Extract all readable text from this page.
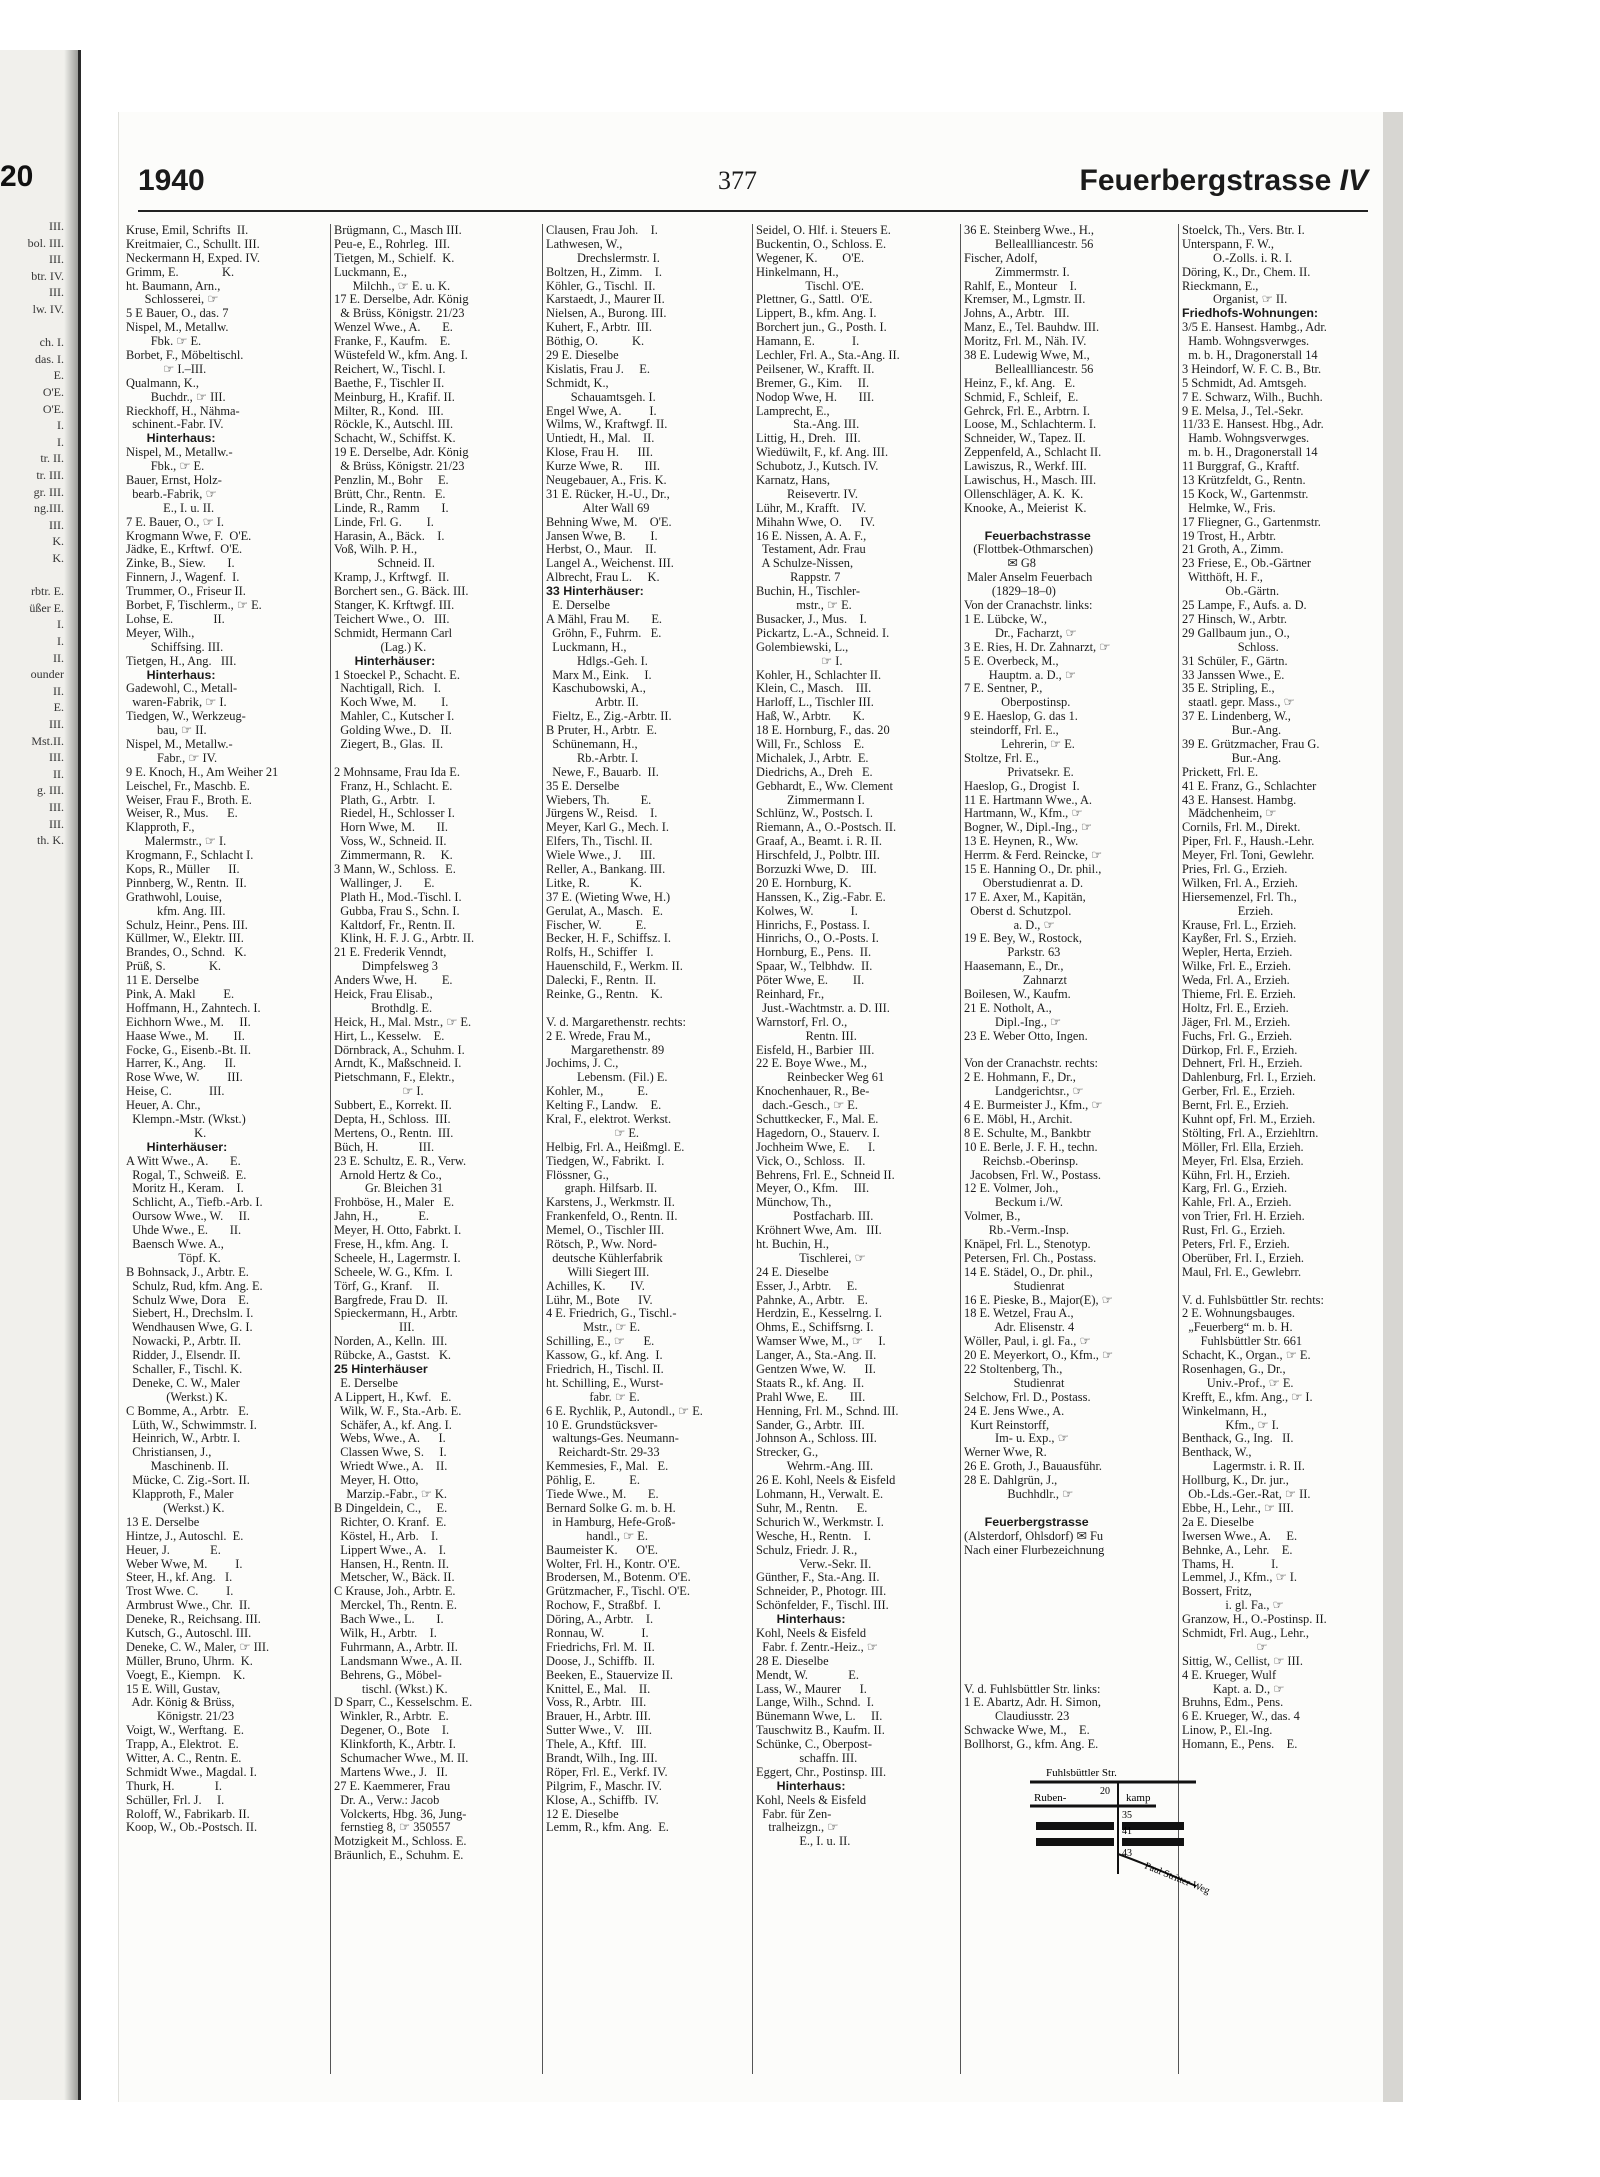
20
III.
bol. III.
III.
btr. IV.
III.
lw. IV.
ch. I.
das. I.
E.
O'E.
O'E.
I.
I.
tr. II.
tr. III.
gr. III.
ng.III.
III.
K.
K.
rbtr. E.
üßer E.
I.
I.
II.
ounder
II.
E.
III.
Mst.II.
III.
II.
g. III.
III.
III.
th. K.
1940	377	Feuerbergstrasse IV
Kruse, Emil, Schrifts  II.
Kreitmaier, C., Schullt. III.
Neckermann H, Exped. IV.
Grimm, E.              K.
ht. Baumann, Arn.,
Schlosserei, ☞
5 E Bauer, O., das. 7
Nispel, M., Metallw.
Fbk. ☞ E.
Borbet, F., Möbeltischl.
☞ I.–III.
Qualmann, K.,
Buchdr., ☞ III.
Rieckhoff, H., Nähma-
schinent.-Fabr. IV.
Hinterhaus:
Nispel, M., Metallw.-
Fbk., ☞ E.
Bauer, Ernst, Holz-
bearb.-Fabrik, ☞
E., I. u. II.
7 E. Bauer, O., ☞ I.
Krogmann Wwe, F.  O'E.
Jädke, E., Krftwf.  O'E.
Zinke, B., Siew.       I.
Finnern, J., Wagenf.  I.
Trummer, O., Friseur II.
Borbet, F, Tischlerm., ☞ E.
Lohse, E.             II.
Meyer, Wilh.,
Schiffsing. III.
Tietgen, H., Ang.   III.
Hinterhaus:
Gadewohl, C., Metall-
waren-Fabrik, ☞ I.
Tiedgen, W., Werkzeug-
bau, ☞ II.
Nispel, M., Metallw.-
Fabr., ☞ IV.
9 E. Knoch, H., Am Weiher 21
Leischel, Fr., Maschb. E.
Weiser, Frau F., Broth. E.
Weiser, R., Mus.      E.
Klapproth, F.,
Malermstr., ☞ I.
Krogmann, F., Schlacht I.
Kops, R., Müller      II.
Pinnberg, W., Rentn.  II.
Grathwohl, Louise,
kfm. Ang. III.
Schulz, Heinr., Pens. III.
Küllmer, W., Elektr. III.
Brandes, O., Schnd.   K.
Prüß, S.              K.
11 E. Derselbe
Pink, A. Makl         E.
Hoffmann, H., Zahntech. I.
Eichhorn Wwe., M.     II.
Haase Wwe., M.        II.
Focke, G., Eisenb.-Bt. II.
Harrer, K., Ang.      II.
Rose Wwe, W.         III.
Heise, C.            III.
Heuer, A. Chr.,
Klempn.-Mstr. (Wkst.)
K.
Hinterhäuser:
A Witt Wwe., A.       E.
Rogal, T., Schweiß.  E.
Moritz H., Keram.    I.
Schlicht, A., Tiefb.-Arb. I.
Oursow Wwe., W.     II.
Uhde Wwe., E.       II.
Baensch Wwe. A.,
Töpf. K.
B Bohnsack, J., Arbtr. E.
Schulz, Rud, kfm. Ang. E.
Schulz Wwe, Dora    E.
Siebert, H., Drechslm. I.
Wendhausen Wwe, G. I.
Nowacki, P., Arbtr. II.
Ridder, J., Elsendr. II.
Schaller, F., Tischl. K.
Deneke, C. W., Maler
(Werkst.) K.
C Bomme, A., Arbtr.   E.
Lüth, W., Schwimmstr. I.
Heinrich, W., Arbtr. I.
Christiansen, J.,
Maschinenb. II.
Mücke, C. Zig.-Sort. II.
Klapproth, F., Maler
(Werkst.) K.
13 E. Derselbe
Hintze, J., Autoschl.  E.
Heuer, J.             E.
Weber Wwe, M.         I.
Steer, H., kf. Ang.   I.
Trost Wwe. C.         I.
Armbrust Wwe., Chr.  II.
Deneke, R., Reichsang. III.
Kutsch, G., Autoschl. III.
Deneke, C. W., Maler, ☞ III.
Müller, Bruno, Uhrm.  K.
Voegt, E., Kiempn.    K.
15 E. Will, Gustav,
Adr. König & Brüss,
Königstr. 21/23
Voigt, W., Werftang.  E.
Trapp, A., Elektrot.  E.
Witter, A. C., Rentn. E.
Schmidt Wwe., Magdal. I.
Thurk, H.             I.
Schüller, Frl. J.     I.
Roloff, W., Fabrikarb. II.
Koop, W., Ob.-Postsch. II.
Brügmann, C., Masch III.
Peu-e, E., Rohrleg.  III.
Tietgen, M., Schielf.  K.
Luckmann, E.,
Milchh., ☞ E. u. K.
17 E. Derselbe, Adr. König
& Brüss, Königstr. 21/23
Wenzel Wwe., A.       E.
Franke, F., Kaufm.    E.
Wüstefeld W., kfm. Ang. I.
Reichert, W., Tischl. I.
Baethe, F., Tischler II.
Meinburg, H., Krafif. II.
Milter, R., Kond.   III.
Röckle, K., Autschl. III.
Schacht, W., Schiffst. K.
19 E. Derselbe, Adr. König
& Brüss, Königstr. 21/23
Penzlin, M., Bohr     E.
Brütt, Chr., Rentn.   E.
Linde, R., Ramm       I.
Linde, Frl. G.        I.
Harasin, A., Bäck.    I.
Voß, Wilh. P. H.,
Schneid. II.
Kramp, J., Krftwgf.  II.
Borchert sen., G. Bäck. III.
Stanger, K. Krftwgf. III.
Teichert Wwe., O.   III.
Schmidt, Hermann Carl
(Lag.) K.
Hinterhäuser:
1 Stoeckel P., Schacht. E.
Nachtigall, Rich.   I.
Koch Wwe, M.        I.
Mahler, C., Kutscher I.
Golding Wwe., D.   II.
Ziegert, B., Glas.  II.
2 Mohnsame, Frau Ida E.
Franz, H., Schlacht. E.
Plath, G., Arbtr.   I.
Riedel, H., Schlosser I.
Horn Wwe, M.       II.
Voss, W., Schneid. II.
Zimmermann, R.     K.
3 Mann, W., Schloss.  E.
Wallinger, J.       E.
Plath H., Mod.-Tischl. I.
Gubba, Frau S., Schn. I.
Kaltdorf, Fr., Rentn. II.
Klink, H. F. J. G., Arbtr. II.
21 E. Frederik Venndt,
Dimpfelsweg 3
Anders Wwe, H.        E.
Heick, Frau Elisab.,
Brothdlg. E.
Heick, H., Mal. Mstr., ☞ E.
Hirt, L., Kesselw.    E.
Dörnbrack, A., Schuhm. I.
Arndt, K., Maßschneid. I.
Pietschmann, F., Elektr.,
☞ I.
Subbert, E., Korrekt. II.
Depta, H., Schloss.  III.
Mertens, O., Rentn.  III.
Büch, H.             III.
23 E. Schultz, E. R., Verw.
Arnold Hertz & Co.,
Gr. Bleichen 31
Frohböse, H., Maler   E.
Jahn, H.,             E.
Meyer, H. Otto, Fabrkt. I.
Frese, H., kfm. Ang.  I.
Scheele, H., Lagermstr. I.
Scheele, W. G., Kfm.  I.
Törf, G., Kranf.     II.
Bargfrede, Frau D.   II.
Spieckermann, H., Arbtr.
III.
Norden, A., Kelln.  III.
Rübcke, A., Gastst.   K.
25 Hinterhäuser
E. Derselbe
A Lippert, H., Kwf.   E.
Wilk, W. F., Sta.-Arb. E.
Schäfer, A., kf. Ang. I.
Webs, Wwe., A.      I.
Classen Wwe, S.     I.
Wriedt Wwe., A.    II.
Meyer, H. Otto,
Marzip.-Fabr., ☞ K.
B Dingeldein, C.,     E.
Richter, O. Kranf.  E.
Köstel, H., Arb.    I.
Lippert Wwe., A.    I.
Hansen, H., Rentn. II.
Metscher, W., Bäck. II.
C Krause, Joh., Arbtr. E.
Merckel, Th., Rentn. E.
Bach Wwe., L.       I.
Wilk, H., Arbtr.    I.
Fuhrmann, A., Arbtr. II.
Landsmann Wwe., A. II.
Behrens, G., Möbel-
tischl. (Wkst.) K.
D Sparr, C., Kesselschm. E.
Winkler, R., Arbtr.  E.
Degener, O., Bote    I.
Klinkforth, K., Arbtr. I.
Schumacher Wwe., M. II.
Martens Wwe., J.   II.
27 E. Kaemmerer, Frau
Dr. A., Verw.: Jacob
Volckerts, Hbg. 36, Jung-
fernstieg 8, ☞ 350557
Motzigkeit M., Schloss. E.
Bräunlich, E., Schuhm. E.
Clausen, Frau Joh.    I.
Lathwesen, W.,
Drechslermstr. I.
Boltzen, H., Zimm.    I.
Köhler, G., Tischl.  II.
Karstaedt, J., Maurer II.
Nielsen, A., Burong. III.
Kuhert, F., Arbtr.  III.
Böthig, O.           K.
29 E. Dieselbe
Kislatis, Frau J.     E.
Schmidt, K.,
Schauamtsgeh. I.
Engel Wwe, A.         I.
Wilms, W., Kraftwgf. II.
Untiedt, H., Mal.    II.
Klose, Frau H.      III.
Kurze Wwe, R.       III.
Neugebauer, A., Fris. K.
31 E. Rücker, H.-U., Dr.,
Alter Wall 69
Behning Wwe, M.    O'E.
Jansen Wwe, B.        I.
Herbst, O., Maur.    II.
Langel A., Weichenst. III.
Albrecht, Frau L.     K.
33 Hinterhäuser:
E. Derselbe
A Mähl, Frau M.       E.
Gröhn, F., Fuhrm.   E.
Luckmann, H.,
Hdlgs.-Geh. I.
Marx M., Eink.     I.
Kaschubowski, A.,
Arbtr. II.
Fieltz, E., Zig.-Arbtr. II.
B Pruter, H., Arbtr.  E.
Schünemann, H.,
Rb.-Arbtr. I.
Newe, F., Bauarb.  II.
35 E. Derselbe
Wiebers, Th.          E.
Jürgens W., Reisd.    I.
Meyer, Karl G., Mech. I.
Elfers, Th., Tischl. II.
Wiele Wwe., J.      III.
Reller, A., Bankang. III.
Litke, R.             K.
37 E. (Wieting Wwe, H.)
Gerulat, A., Masch.   E.
Fischer, W.           E.
Becker, H. F., Schiffsz. I.
Rolfs, H., Schiffer   I.
Hauenschild, F., Werkm. II.
Dalecki, F., Rentn.  II.
Reinke, G., Rentn.    K.
V. d. Margarethenstr. rechts:
2 E. Wrede, Frau M.,
Margarethenstr. 89
Jochims, J. C.,
Lebensm. (Fil.) E.
Kohler, M.,           E.
Kelting F., Landw.    E.
Kral, F., elektrot. Werkst.
☞ E.
Helbig, Frl. A., Heißmgl. E.
Tiedgen, W., Fabrikt.  I.
Flössner, G.,
graph. Hilfsarb. II.
Karstens, J., Werkmstr. II.
Frankenfeld, O., Rentn. II.
Memel, O., Tischler III.
Rötsch, P., Ww. Nord-
deutsche Kühlerfabrik
Willi Siegert III.
Achilles, K.        IV.
Lühr, M., Bote      IV.
4 E. Friedrich, G., Tischl.-
Mstr., ☞ E.
Schilling, E., ☞      E.
Kassow, G., kf. Ang.  I.
Friedrich, H., Tischl. II.
ht. Schilling, E., Wurst-
fabr. ☞ E.
6 E. Rychlik, P., Autondl., ☞ E.
10 E. Grundstücksver-
waltungs-Ges. Neumann-
Reichardt-Str. 29-33
Kemmesies, F., Mal.   E.
Pöhlig, E.           E.
Tiede Wwe., M.       E.
Bernard Solke G. m. b. H.
in Hamburg, Hefe-Groß-
handl., ☞ E.
Baumeister K.      O'E.
Wolter, Frl. H., Kontr. O'E.
Brodersen, M., Botenm. O'E.
Grützmacher, F., Tischl. O'E.
Rochow, F., Straßbf.  I.
Döring, A., Arbtr.    I.
Ronnau, W.            I.
Friedrichs, Frl. M.  II.
Doose, J., Schiffb.  II.
Beeken, E., Stauervize II.
Knittel, E., Mal.    II.
Voss, R., Arbtr.   III.
Brauer, H., Arbtr. III.
Sutter Wwe., V.    III.
Thele, A., Kftf.   III.
Brandt, Wilh., Ing. III.
Röper, Frl. E., Verkf. IV.
Pilgrim, F., Maschr. IV.
Klose, A., Schiffb.  IV.
12 E. Dieselbe
Lemm, R., kfm. Ang.  E.
Seidel, O. Hlf. i. Steuers E.
Buckentin, O., Schloss. E.
Wegener, K.        O'E.
Hinkelmann, H.,
Tischl. O'E.
Plettner, G., Sattl.  O'E.
Lippert, B., kfm. Ang. I.
Borchert jun., G., Posth. I.
Hamann, E.            I.
Lechler, Frl. A., Sta.-Ang. II.
Peilsener, W., Krafft. II.
Bremer, G., Kim.     II.
Nodop Wwe, H.       III.
Lamprecht, E.,
Sta.-Ang. III.
Littig, H., Dreh.   III.
Wiedüwilt, F., kf. Ang. III.
Schubotz, J., Kutsch. IV.
Karnatz, Hans,
Reisevertr. IV.
Lühr, M., Krafft.    IV.
Mihahn Wwe, O.      IV.
16 E. Nissen, A. A. F.,
Testament, Adr. Frau
A Schulze-Nissen,
Rappstr. 7
Buchin, H., Tischler-
mstr., ☞ E.
Busacker, J., Mus.    I.
Pickartz, L.-A., Schneid. I.
Golembiewski, L.,
☞ I.
Kohler, H., Schlachter II.
Klein, C., Masch.    III.
Harloff, L., Tischler III.
Haß, W., Arbtr.       K.
18 E. Hornburg, F., das. 20
Will, Fr., Schloss    E.
Michalek, J., Arbtr.  E.
Diedrichs, A., Dreh   E.
Gebhardt, E., Ww. Clement
Zimmermann I.
Schlünz, W., Postsch. I.
Riemann, A., O.-Postsch. II.
Graaf, A., Beamt. i. R. II.
Hirschfeld, J., Polbtr. III.
Borzuzki Wwe, D.    III.
20 E. Hornburg, K.
Hanssen, K., Zig.-Fabr. E.
Kolwes, W.            I.
Hinrichs, F., Postass. I.
Hinrichs, O., O.-Posts. I.
Hornburg, E., Pens.  II.
Spaar, W., Telbhdw.  II.
Pöter Wwe, E.        II.
Reinhard, Fr.,
Just.-Wachtmstr. a. D. III.
Warnstorf, Frl. O.,
Rentn. III.
Eisfeld, H., Barbier  III.
22 E. Boye Wwe., M.,
Reinbecker Weg 61
Knochenhauer, R., Be-
dach.-Gesch., ☞ E.
Schuttkecker, F., Mal. E.
Hagedorn, O., Stauerv. I.
Jochheim Wwe, E.      I.
Vick, O., Schloss.   II.
Behrens, Frl. E., Schneid II.
Meyer, O., Kfm.     III.
Münchow, Th.,
Postfacharb. III.
Kröhnert Wwe, Am.   III.
ht. Buchin, H.,
Tischlerei, ☞
24 E. Dieselbe
Esser, J., Arbtr.     E.
Pahnke, A., Arbtr.    E.
Herdzin, E., Kesselrng. I.
Ohms, E., Schiffsrng. I.
Wamser Wwe, M., ☞     I.
Langer, A., Sta.-Ang. II.
Gentzen Wwe, W.      II.
Staats R., kf. Ang.  II.
Prahl Wwe, E.       III.
Henning, Frl. M., Schnd. III.
Sander, G., Arbtr.  III.
Johnson A., Schloss. III.
Strecker, G.,
Wehrm.-Ang. III.
26 E. Kohl, Neels & Eisfeld
Lohmann, H., Verwalt. E.
Suhr, M., Rentn.      E.
Schurich W., Werkmstr. I.
Wesche, H., Rentn.    I.
Schulz, Friedr. J. R.,
Verw.-Sekr. II.
Günther, F., Sta.-Ang. II.
Schneider, P., Photogr. III.
Schönfelder, F., Tischl. III.
Hinterhaus:
Kohl, Neels & Eisfeld
Fabr. f. Zentr.-Heiz., ☞
28 E. Dieselbe
Mendt, W.             E.
Lass, W., Maurer      I.
Lange, Wilh., Schnd.  I.
Bünemann Wwe, L.     II.
Tauschwitz B., Kaufm. II.
Schünke, C., Oberpost-
schaffn. III.
Eggert, Chr., Postinsp. III.
Hinterhaus:
Kohl, Neels & Eisfeld
Fabr. für Zen-
tralheizgn., ☞
E., I. u. II.
36 E. Steinberg Wwe., H.,
Belleallliancestr. 56
Fischer, Adolf,
Zimmermstr. I.
Rahlf, E., Monteur    I.
Kremser, M., Lgmstr. II.
Johns, A., Arbtr.   III.
Manz, E., Tel. Bauhdw. III.
Moritz, Frl. M., Näh. IV.
38 E. Ludewig Wwe, M.,
Belleallliancestr. 56
Heinz, F., kf. Ang.   E.
Schmid, F., Schleif,  E.
Gehrck, Frl. E., Arbtrn. I.
Loose, M., Schlachterm. I.
Schneider, W., Tapez. II.
Zeppenfeld, A., Schlacht II.
Lawiszus, R., Werkf. III.
Lawischus, H., Masch. III.
Ollenschläger, A. K.  K.
Knooke, A., Meierist  K.
Feuerbachstrasse
(Flottbek-Othmarschen)
✉ G8
Maler Anselm Feuerbach
(1829–18–0)
Von der Cranachstr. links:
1 E. Lübcke, W.,
Dr., Facharzt, ☞
3 E. Ries, H. Dr. Zahnarzt, ☞
5 E. Overbeck, M.,
Hauptm. a. D., ☞
7 E. Sentner, P.,
Oberpostinsp.
9 E. Haeslop, G. das 1.
steindorff, Frl. E.,
Lehrerin, ☞ E.
Stoltze, Frl. E.,
Privatsekr. E.
Haeslop, G., Drogist  I.
11 E. Hartmann Wwe., A.
Hartmann, W., Kfm., ☞
Bogner, W., Dipl.-Ing., ☞
13 E. Heynen, R., Ww.
Herrm. & Ferd. Reincke, ☞
15 E. Hanning O., Dr. phil.,
Oberstudienrat a. D.
17 E. Axer, M., Kapitän,
Oberst d. Schutzpol.
a. D., ☞
19 E. Bey, W., Rostock,
Parkstr. 63
Haasemann, E., Dr.,
Zahnarzt
Boilesen, W., Kaufm.
21 E. Notholt, A.,
Dipl.-Ing., ☞
23 E. Weber Otto, Ingen.
Von der Cranachstr. rechts:
2 E. Hohmann, F., Dr.,
Landgerichtsr., ☞
4 E. Burmeister J., Kfm., ☞
6 E. Möbl, H., Archit.
8 E. Schulte, M., Bankbtr
10 E. Berle, J. F. H., techn.
Reichsb.-Oberinsp.
Jacobsen, Frl. W., Postass.
12 E. Volmer, Joh.,
Beckum i./W.
Volmer, B.,
Rb.-Verm.-Insp.
Knäpel, Frl. L., Stenotyp.
Petersen, Frl. Ch., Postass.
14 E. Städel, O., Dr. phil.,
Studienrat
16 E. Pieske, B., Major(E), ☞
18 E. Wetzel, Frau A.,
Adr. Elisenstr. 4
Wöller, Paul, i. gl. Fa., ☞
20 E. Meyerkort, O., Kfm., ☞
22 Stoltenberg, Th.,
Studienrat
Selchow, Frl. D., Postass.
24 E. Jens Wwe., A.
Kurt Reinstorff,
Im- u. Exp., ☞
Werner Wwe, R.
26 E. Groth, J., Bauausführ.
28 E. Dahlgrün, J.,
Buchhdlr., ☞
Feuerbergstrasse
(Alsterdorf, Ohlsdorf) ✉ Fu
Nach einer Flurbezeichnung
V. d. Fuhlsbüttler Str. links:
1 E. Abartz, Adr. H. Simon,
Claudiusstr. 23
Schwacke Wwe, M.,    E.
Bollhorst, G., kfm. Ang. E.
Stoelck, Th., Vers. Btr. I.
Unterspann, F. W.,
O.-Zolls. i. R. I.
Döring, K., Dr., Chem. II.
Rieckmann, E.,
Organist, ☞ II.
Friedhofs-Wohnungen:
3/5 E. Hansest. Hambg., Adr.
Hamb. Wohngsverwges.
m. b. H., Dragonerstall 14
3 Heindorf, W. F. C. B., Btr.
5 Schmidt, Ad. Amtsgeh.
7 E. Schwarz, Wilh., Buchh.
9 E. Melsa, J., Tel.-Sekr.
11/33 E. Hansest. Hbg., Adr.
Hamb. Wohngsverwges.
m. b. H., Dragonerstall 14
11 Burggraf, G., Kraftf.
13 Krützfeldt, G., Rentn.
15 Kock, W., Gartenmstr.
Helmke, W., Fris.
17 Fliegner, G., Gartenmstr.
19 Trost, H., Arbtr.
21 Groth, A., Zimm.
23 Friese, E., Ob.-Gärtner
Witthöft, H. F.,
Ob.-Gärtn.
25 Lampe, F., Aufs. a. D.
27 Hinsch, W., Arbtr.
29 Gallbaum jun., O.,
Schloss.
31 Schüler, F., Gärtn.
33 Janssen Wwe., E.
35 E. Stripling, E.,
staatl. gepr. Mass., ☞
37 E. Lindenberg, W.,
Bur.-Ang.
39 E. Grützmacher, Frau G.
Bur.-Ang.
Prickett, Frl. E.
41 E. Franz, G., Schlachter
43 E. Hansest. Hambg.
Mädchenheim, ☞
Cornils, Frl. M., Direkt.
Piper, Frl. F., Haush.-Lehr.
Meyer, Frl. Toni, Gewlehr.
Pries, Frl. G., Erzieh.
Wilken, Frl. A., Erzieh.
Hiersemenzel, Frl. Th.,
Erzieh.
Krause, Frl. L., Erzieh.
Kayßer, Frl. S., Erzieh.
Wepler, Herta, Erzieh.
Wilke, Frl. E., Erzieh.
Weda, Frl. A., Erzieh.
Thieme, Frl. E. Erzieh.
Holtz, Frl. E., Erzieh.
Jäger, Frl. M., Erzieh.
Fuchs, Frl. G., Erzieh.
Dürkop, Frl. F., Erzieh.
Dehnert, Frl. H., Erzieh.
Dahlenburg, Frl. I., Erzieh.
Gerber, Frl. E., Erzieh.
Bernt, Frl. E., Erzieh.
Kuhnt opf, Frl. M., Erzieh.
Stölting, Frl. A., Erziehltrn.
Möller, Frl. Ella, Erzieh.
Meyer, Frl. Elsa, Erzieh.
Kühn, Frl. H., Erzieh.
Karg, Frl. G., Erzieh.
Kahle, Frl. A., Erzieh.
von Trier, Frl. H. Erzieh.
Rust, Frl. G., Erzieh.
Peters, Frl. F., Erzieh.
Oberüber, Frl. I., Erzieh.
Maul, Frl. E., Gewlebrr.
V. d. Fuhlsbüttler Str. rechts:
2 E. Wohnungsbauges.
„Feuerberg“ m. b. H.
Fuhlsbüttler Str. 661
Schacht, K., Organ., ☞ E.
Rosenhagen, G., Dr.,
Univ.-Prof., ☞ E.
Krefft, E., kfm. Ang., ☞ I.
Winkelmann, H.,
Kfm., ☞ I.
Benthack, G., Ing.   II.
Benthack, W.,
Lagermstr. i. R. II.
Hollburg, K., Dr. jur.,
Ob.-Lds.-Ger.-Rat, ☞ II.
Ebbe, H., Lehr., ☞ III.
2a E. Dieselbe
Iwersen Wwe., A.     E.
Behnke, A., Lehr.    E.
Thams, H.            I.
Lemmel, J., Kfm., ☞ I.
Bossert, Fritz,
i. gl. Fa., ☞
Granzow, H., O.-Postinsp. II.
Schmidt, Frl. Aug., Lehr.,
☞
Sittig, W., Cellist, ☞ III.
4 E. Krueger, Wulf
Kapt. a. D., ☞
Bruhns, Edm., Pens.
6 E. Krueger, W., das. 4
Linow, P., El.-Ing.
Homann, E., Pens.    E.
Fuhlsbüttler Str.
Ruben-	kamp
20
35
41
43
Paul Stritter-Weg
